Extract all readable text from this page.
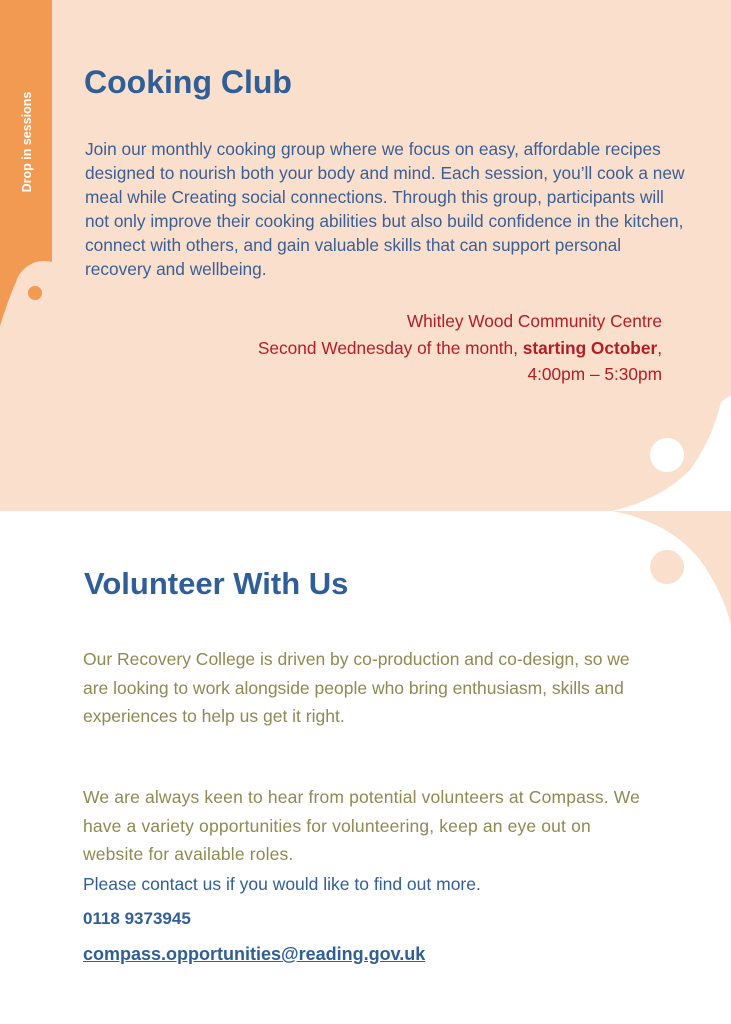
Drop in sessions
Cooking Club

Join our monthly cooking group where we focus on easy, affordable recipes designed to nourish both your body and mind. Each session, you’ll cook a new meal while Creating social connections. Through this group, participants will not only improve their cooking abilities but also build confidence in the kitchen, connect with others, and gain valuable skills that can support personal recovery and wellbeing.

Whitley Wood Community Centre
Second Wednesday of the month, starting October,
4:00pm – 5:30pm
Volunteer With Us

Our Recovery College is driven by co-production and co-design, so we are looking to work alongside people who bring enthusiasm, skills and experiences to help us get it right.

We are always keen to hear from potential volunteers at Compass. We have a variety opportunities for volunteering, keep an eye out on website for available roles.

Please contact us if you would like to find out more.

0118 9373945

compass.opportunities@reading.gov.uk
